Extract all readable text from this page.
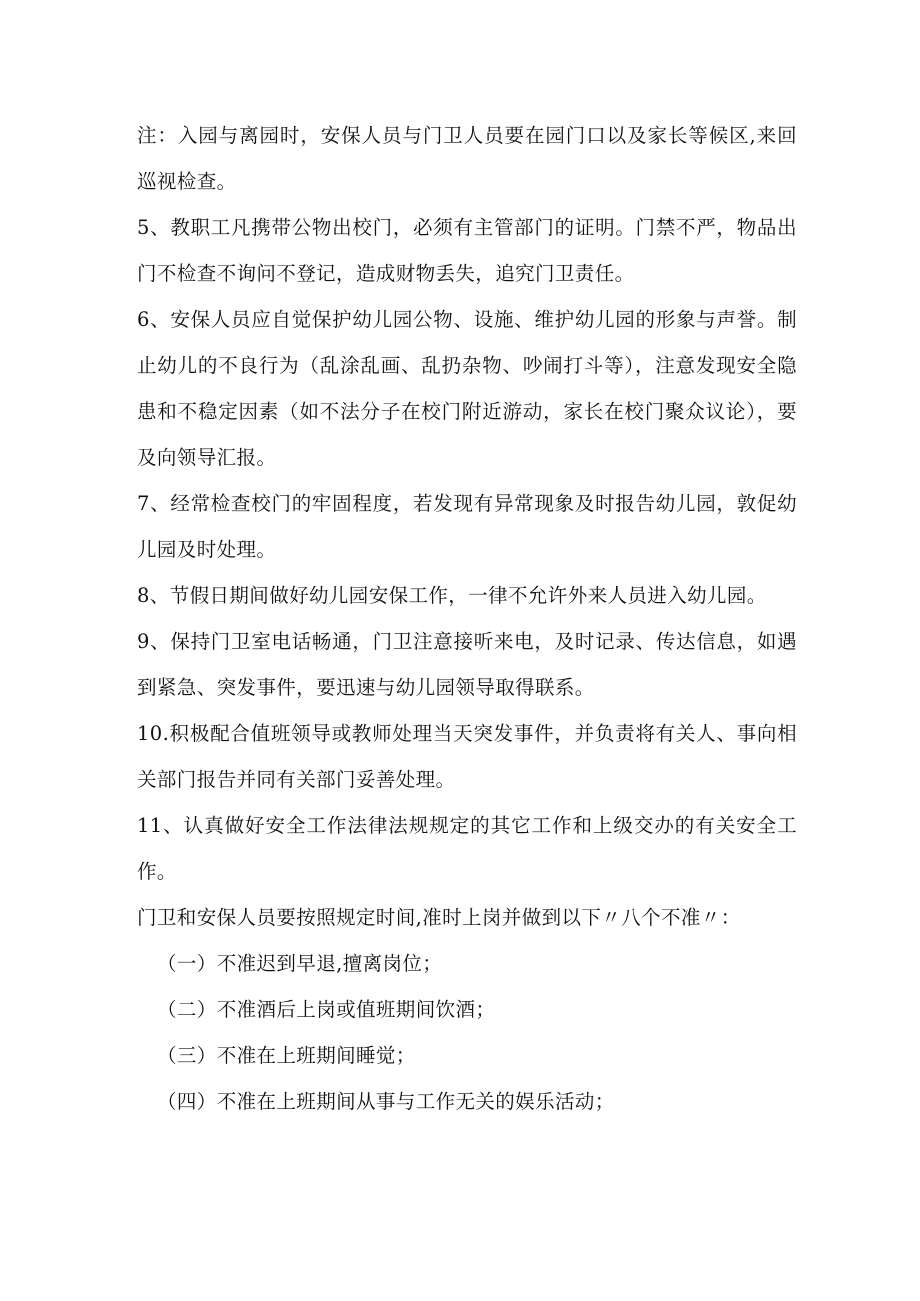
注：入园与离园时，安保人员与门卫人员要在园门口以及家长等候区,来回巡视检查。

5、教职工凡携带公物出校门，必须有主管部门的证明。门禁不严，物品出门不检查不询问不登记，造成财物丢失，追究门卫责任。

6、安保人员应自觉保护幼儿园公物、设施、维护幼儿园的形象与声誉。制止幼儿的不良行为（乱涂乱画、乱扔杂物、吵闹打斗等），注意发现安全隐患和不稳定因素（如不法分子在校门附近游动，家长在校门聚众议论），要及向领导汇报。

7、经常检查校门的牢固程度，若发现有异常现象及时报告幼儿园，敦促幼儿园及时处理。

8、节假日期间做好幼儿园安保工作，一律不允许外来人员进入幼儿园。

9、保持门卫室电话畅通，门卫注意接听来电，及时记录、传达信息，如遇到紧急、突发事件，要迅速与幼儿园领导取得联系。

10.积极配合值班领导或教师处理当天突发事件，并负责将有关人、事向相关部门报告并同有关部门妥善处理。

11、认真做好安全工作法律法规规定的其它工作和上级交办的有关安全工作。

门卫和安保人员要按照规定时间,准时上岗并做到以下〃八个不准〃：

（一）不准迟到早退,擅离岗位；

（二）不准酒后上岗或值班期间饮酒；

（三）不准在上班期间睡觉；

（四）不准在上班期间从事与工作无关的娱乐活动；
